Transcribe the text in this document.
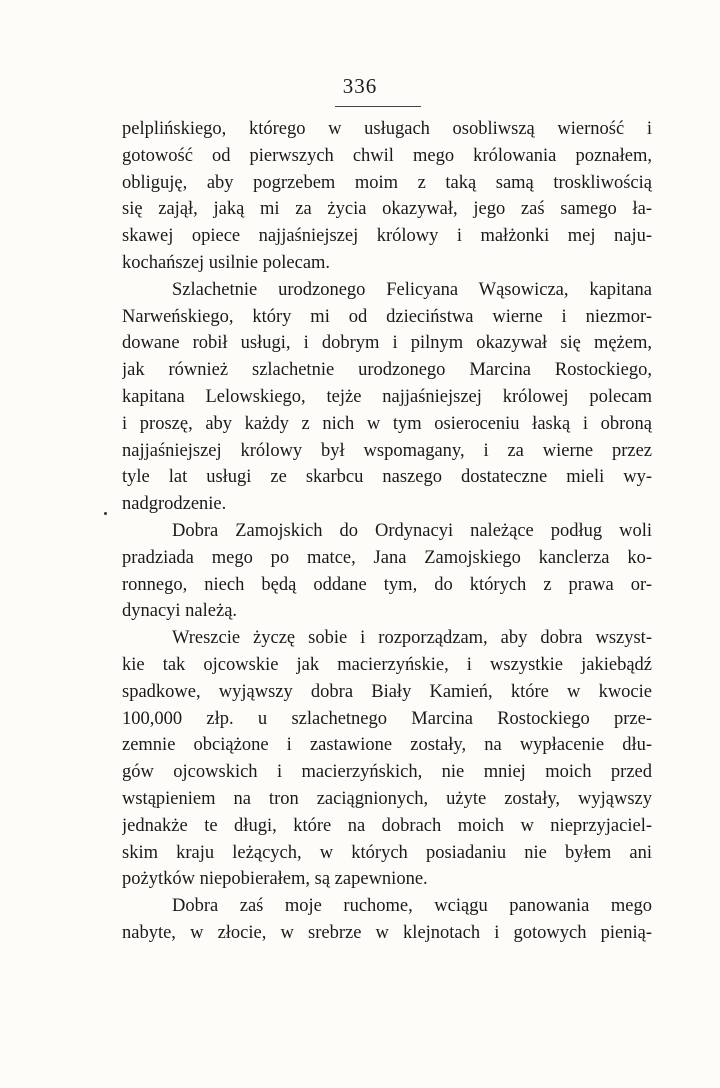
336
pelplińskiego, którego w usługach osobliwszą wierność i
gotowość od pierwszych chwil mego królowania poznałem,
obliguję, aby pogrzebem moim z taką samą troskliwością
się zajął, jaką mi za życia okazywał, jego zaś samego ła-
skawej opiece najjaśniejszej królowy i małżonki mej naju-
kochańszej usilnie polecam.
Szlachetnie urodzonego Felicyana Wąsowicza, kapitana
Narweńskiego, który mi od dzieciństwa wierne i niezmor-
dowane robił usługi, i dobrym i pilnym okazywał się mężem,
jak również szlachetnie urodzonego Marcina Rostockiego,
kapitana Lelowskiego, tejże najjaśniejszej królowej polecam
i proszę, aby każdy z nich w tym osieroceniu łaską i obroną
najjaśniejszej królowy był wspomagany, i za wierne przez
tyle lat usługi ze skarbcu naszego dostateczne mieli wy-
nadgrodzenie.
Dobra Zamojskich do Ordynacyi należące podług woli
pradziada mego po matce, Jana Zamojskiego kanclerza ko-
ronnego, niech będą oddane tym, do których z prawa or-
dynacyi należą.
Wreszcie życzę sobie i rozporządzam, aby dobra wszyst-
kie tak ojcowskie jak macierzyńskie, i wszystkie jakiebądź
spadkowe, wyjąwszy dobra Biały Kamień, które w kwocie
100,000 złp. u szlachetnego Marcina Rostockiego prze-
zemnie obciążone i zastawione zostały, na wypłacenie dłu-
gów ojcowskich i macierzyńskich, nie mniej moich przed
wstąpieniem na tron zaciągnionych, użyte zostały, wyjąwszy
jednakże te długi, które na dobrach moich w nieprzyjaciel-
skim kraju leżących, w których posiadaniu nie byłem ani
pożytków niepobierałem, są zapewnione.
Dobra zaś moje ruchome, wciągu panowania mego
nabyte, w złocie, w srebrze w klejnotach i gotowych pienią-
